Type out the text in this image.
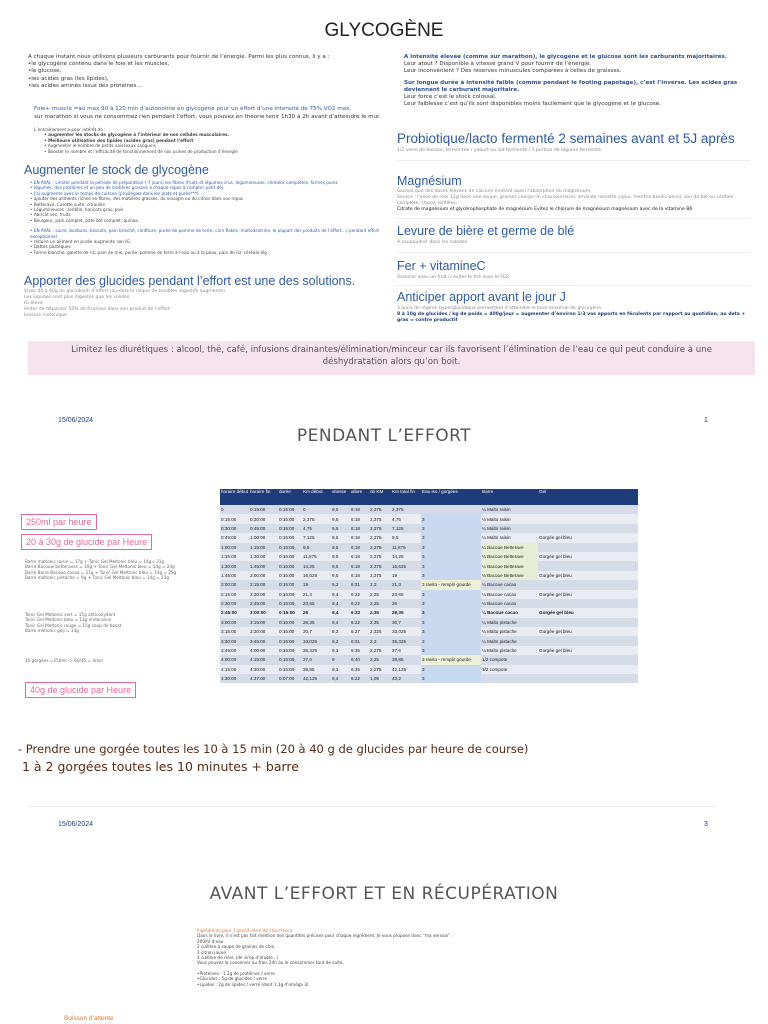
GLYCOGÈNE
A chaque instant nous utilisons plusieurs carburants pour fournir de l’énergie. Parmi les plus connus, il y a :
•le glycogène contenu dans le foie et les muscles,
•le glucose,
•les acides gras (les lipides),
•les acides aminés issus des protéines…
Foie+ muscle =au max 90 à 120 min d’autonomie en glycogène pour un effort d’une intensité de 75% VO2 max.
sur marathon si vous ne consommez rien pendant l’effort, vous pouvez en théorie tenir 1h30 à 2h avant d’atteindre le mur.
L’entraînement a pour intérêt de :
• augmenter les stocks de glycogène à l’intérieur de nos cellules musculaires.
• Meilleure utilisation des lipides (acides gras) pendant l’effort
• Augmenter le nombre de petits vaisseaux sanguins
• Booster le nombre et l’efficacité de fonctionnement de nos usines de production d’énergie
Augmenter le stock de glycogène
• EN AVAL : Limiter pendant la période de préparation (-7 jours) les fibres (fruits et légumes crus, légumineuses, céréales complètes, farines pures
• légumes, des protéines et un peu de matières grasses à chaque repas à compter petit déj
• J'ai augmente avec le temps de cuisson (privilégiez dans les plats et purée***)
• ajouter des aliments riches en fibres, des matières grasses, du vinaigre ou du citron dans vos repas
• Betterave, Carotte cuite, citrouille
• Légumineuses : lentille, haricots gras, pois
• Abricot sec, fruits
• Boulgour, pain complet, pâte blé complet, quinoa,
• EN AVAL : sucre, bonbons, biscuits, pain brioché, confiture, purée de pomme de terre, corn flakes, maltodextrine, le plupart des produits de l’effort…) pendant effort exceptionnel
• réduire un aliment en purée augmente son IG,
• Dattes pastèques
• Farine blanche, galette de riz, pain de mie, purée, pomme de terre à l’eau ou à la peau, pain de riz, céréale élg
Apporter des glucides pendant l’effort est une des solutions.
Visez 40 à 60g de glucides/h d’effort (au-delà le risque de troubles digestifs augmente)
Les liquides sont plus digestes que les solides
IG élevé
éviter de dépasser 50% de fructose dans son produit de l’effort
boisson isotonique
A intensité élevée (comme sur marathon), le glycogène et le glucose sont les carburants majoritaires.
Leur atout ? Disponible à vitesse grand V pour fournir de l’énergie.
Leur inconvénient ? Des réserves minuscules comparées à celles de graisses.
Sur longue durée à intensité faible (comme pendant le footing papotage), c’est l’inverse. Les acides gras deviennent le carburant majoritaire.
Leur force c’est le stock colossal.
Leur faiblesse c’est qu’ils sont disponibles moins facilement que le glycogène et le glucose.
Probiotique/lacto fermenté 2 semaines avant et 5J après
1/2 verre de boisson fermentée / yaourt ou lait fermenté / 1 portion de légume fermenté
Magnésium
Sachez que des doses élevées de calcium limitent aussi l'absorption du magnésium.
Source : l'alive de mer 12g dans une soupe, graines courge lin chia tournesol, amande noisette cajou, menthe basilic persil, son de blé ou céréale complète, choco, lentilles,
Citrate de magnésium et glycérophosphate de magnésium Evitez le chlorure de magnésium magnésium avec de la vitamine B6
Levure de bière et germe de blé
A saupoudrer dans les salades
Fer + vitamineC
Associer avec un fruit (/ éviter le thé avec le FER
Anticiper apport avant le jour J
3 jours de régime hyperglucidique permettent d’atteindre le taux maximal de glycogène.
8 à 10g de glucides / kg de poids = 400g/jour = augmenter d’environ 1/3 vos apports en féculents par rapport au quotidien, au deta + gras = contre productif
Limitez les diurétiques : alcool, thé, café, infusions drainantes/élimination/minceur car ils favorisent l’élimination de l’eau ce qui peut conduire à une déshydratation alors qu’on boit.
15/06/2024	1
PENDANT L’EFFORT
250ml par heure
20 à 30g de glucide par Heure
Barre maltonic raisin = 17g + Tonic Gel Meltonic bleu = 14g= 31g
Barre Bacouw betteraves = 10g + Tonic Gel Meltonic bleu = 14g = 24g
Barre Barre Bacoue cacao = 11g + Tonic Gel Meltonic bleu = 14g = 25g
Barre maltonic pistache = 9g + Tonic Gel Meltonic bleu = 14g = 23g
Tonic Gel Meltonic vert = 15g anticoxydant
Tonic Gel Meltonic bleu = 14g endurance
Tonic Gel Meltonic rouge = 15g coup de boost
Barre meltonic goji = 14g
15 gorgées =250ml -> 60/15 = 4min
40g de glucide par Heure
horaire début	horaire fin	durée	Km début	vitesse	allure	nb KM	Km total fin	Eau iso / gorgées	Barre	Gel
0	0:15:00	0:15:00	0	9,5	6:18	2,375	2,375		¼ Malto raisin	
0:15:00	0:30:00	0:15:00	2,375	9,5	6:18	2,375	4,75	3	¼ Malto raisin	
0:30:00	0:45:00	0:15:00	4,75	9,5	6:18	2,375	7,125	3	¼ Malto raisin	
0:45:00	1:00:00	0:15:00	7,125	9,5	6:18	2,375	9,5	3	¼ Malto raisin	Gorgée gel bleu
1:00:00	1:15:00	0:15:00	9,5	9,5	6:18	2,375	11,875	3	¼ Bacoue Betterave	
1:15:00	1:30:00	0:15:00	11,875	9,5	6:18	2,375	14,25	3	¼ Bacoue Betterave	Gorgée gel bleu
1:30:00	1:45:00	0:15:00	14,25	9,5	6:18	2,375	16,625	3	¼ Bacoue Betterave	
1:45:00	2:00:00	0:15:00	16,625	9,5	6:18	2,375	19	3	¼ Bacoue Betterave	Gorgée gel bleu
2:00:00	2:15:00	0:15:00	19	9,2	6:31	2,3	21,3	3 ravito - remplir gourde	¼ Bacoue cacao	
2:15:00	2:30:00	0:15:00	21,3	9,4	6:22	2,35	23,65	3	¼ Bacoue cacao	Gorgée gel bleu
2:30:00	2:45:00	0:15:00	23,65	9,4	6:22	2,35	26	3	¼ Bacoue cacao	
2:45:00	3:00:00	0:15:00	26	9,4	6:22	2,35	28,35	3	¼ Bacoue cacao	Gorgée gel bleu
3:00:00	3:15:00	0:15:00	28,35	9,4	6:22	2,35	30,7	3	¼ Malto pistache	
3:15:00	3:30:00	0:15:00	30,7	9,3	6:27	2,325	33,025	3	¼ Malto pistache	Gorgée gel bleu
3:30:00	3:45:00	0:15:00	33,025	9,2	6:31	2,3	35,325	3	¼ Malto pistache	
3:45:00	4:00:00	0:15:00	35,325	9,1	6:35	2,275	37,6	3	¼ Malto pistache	Gorgée gel bleu
4:00:00	4:15:00	0:15:00	37,6	9	6:40	2,25	39,85	3 ravito - remplir gourde	1/2 compote	
4:15:00	4:30:00	0:15:00	39,85	9,1	6:35	2,275	42,125	3	1/2 compote	
4:30:00	4:37:00	0:07:00	42,125	9,4	6:22	1,09	43,2	3		
- Prendre une gorgée toutes les 10 à 15 min (20 à 40 g de glucides par heure de course)
1 à 2 gorgées toutes les 10 minutes + barre
15/06/2024	3
AVANT L’EFFORT ET EN RÉCUPÉRATION
Ingrédients pour 1 grand verre de chia fresca
Dans le livre, il n’est pas fait mention des quantités précises pour chaque ingrédient. Je vous propose donc “ma version” :
200ml d’eau
2 cuillère à soupe de graines de chia
1 citron jaune
1 cuillère de miel, (de sirop d’érable…)
Vous pouvez le conserver au frais 24h ou le consommer tout de suite.
•Protéines : 1.2g de protéines / verre
•Glucides : 5g de glucides / verre
•Lipides : 2g de lipides / verre (dont 1,1g d’oméga 3)
Boisson d'attente
